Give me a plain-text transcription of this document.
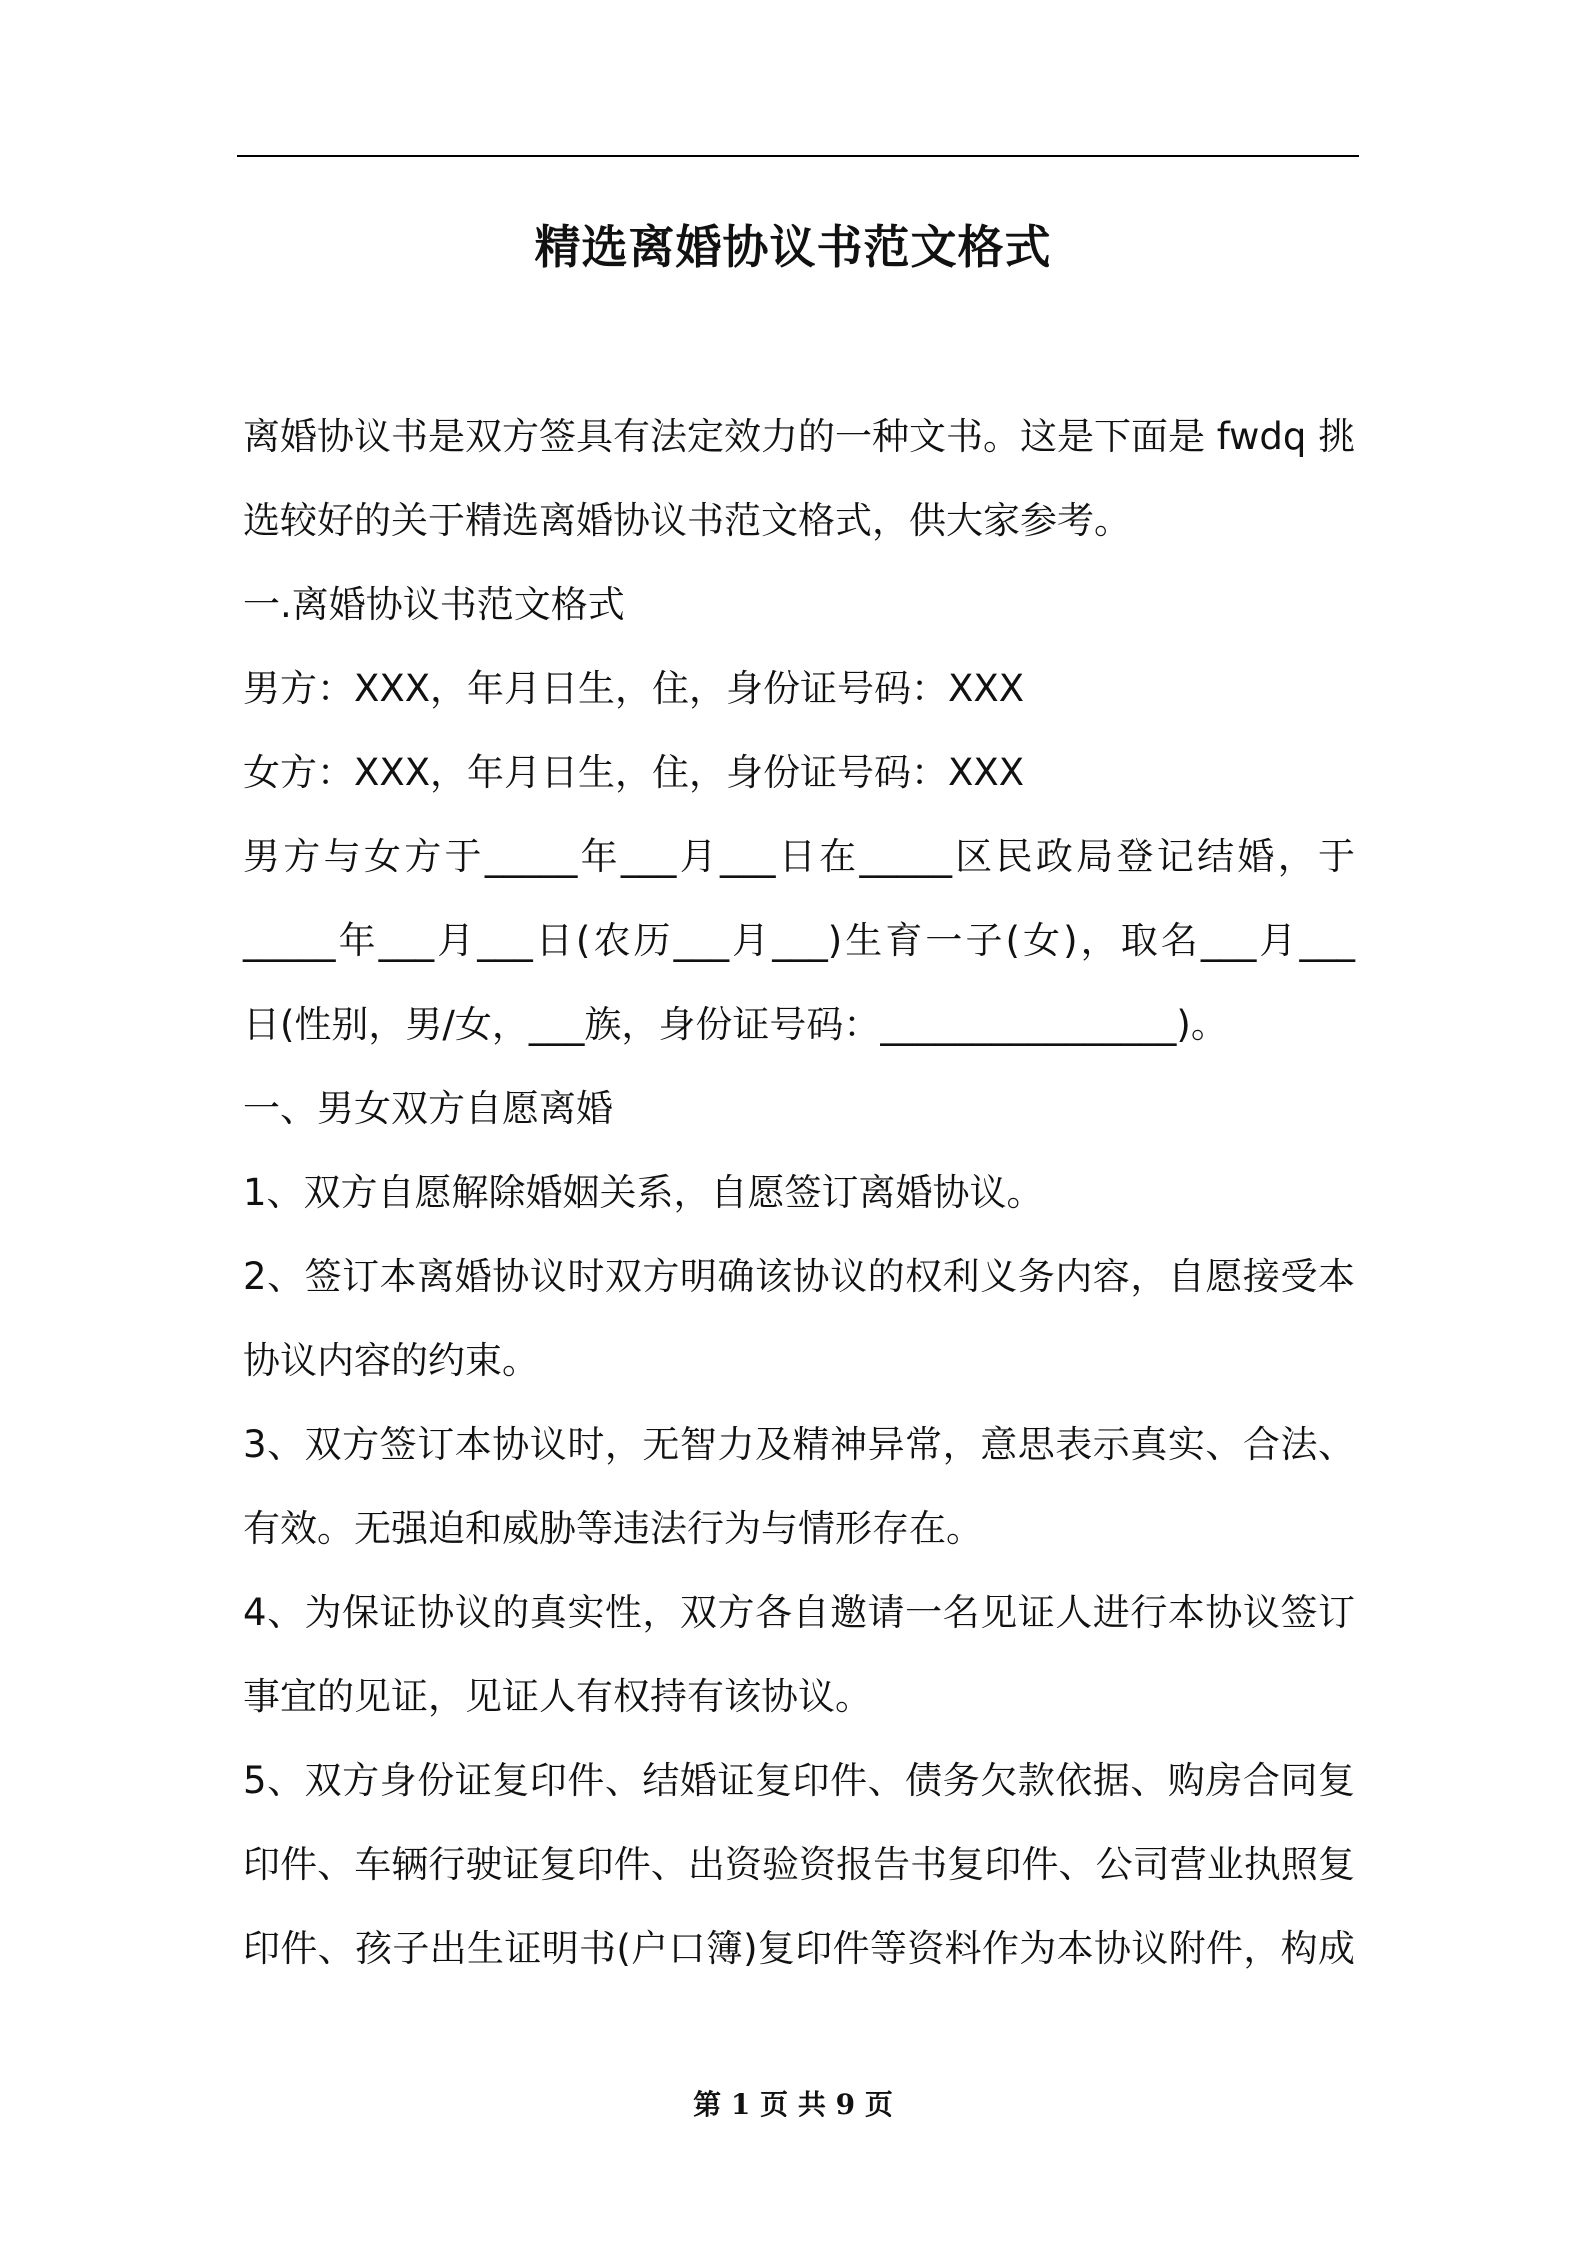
精选离婚协议书范文格式
离婚协议书是双方签具有法定效力的一种文书。这是下面是 fwdq 挑
选较好的关于精选离婚协议书范文格式，供大家参考。
一.离婚协议书范文格式
男方：XXX，年月日生，住，身份证号码：XXX
女方：XXX，年月日生，住，身份证号码：XXX
男方与女方于_____年___月___日在_____区民政局登记结婚，于
_____年___月___日(农历___月___)生育一子(女)，取名___月___
日(性别，男/女，___族，身份证号码：________________)。
一、男女双方自愿离婚
1、双方自愿解除婚姻关系，自愿签订离婚协议。
2、签订本离婚协议时双方明确该协议的权利义务内容，自愿接受本
协议内容的约束。
3、双方签订本协议时，无智力及精神异常，意思表示真实、合法、
有效。无强迫和威胁等违法行为与情形存在。
4、为保证协议的真实性，双方各自邀请一名见证人进行本协议签订
事宜的见证，见证人有权持有该协议。
5、双方身份证复印件、结婚证复印件、债务欠款依据、购房合同复
印件、车辆行驶证复印件、出资验资报告书复印件、公司营业执照复
印件、孩子出生证明书(户口簿)复印件等资料作为本协议附件，构成
第 1 页 共 9 页
